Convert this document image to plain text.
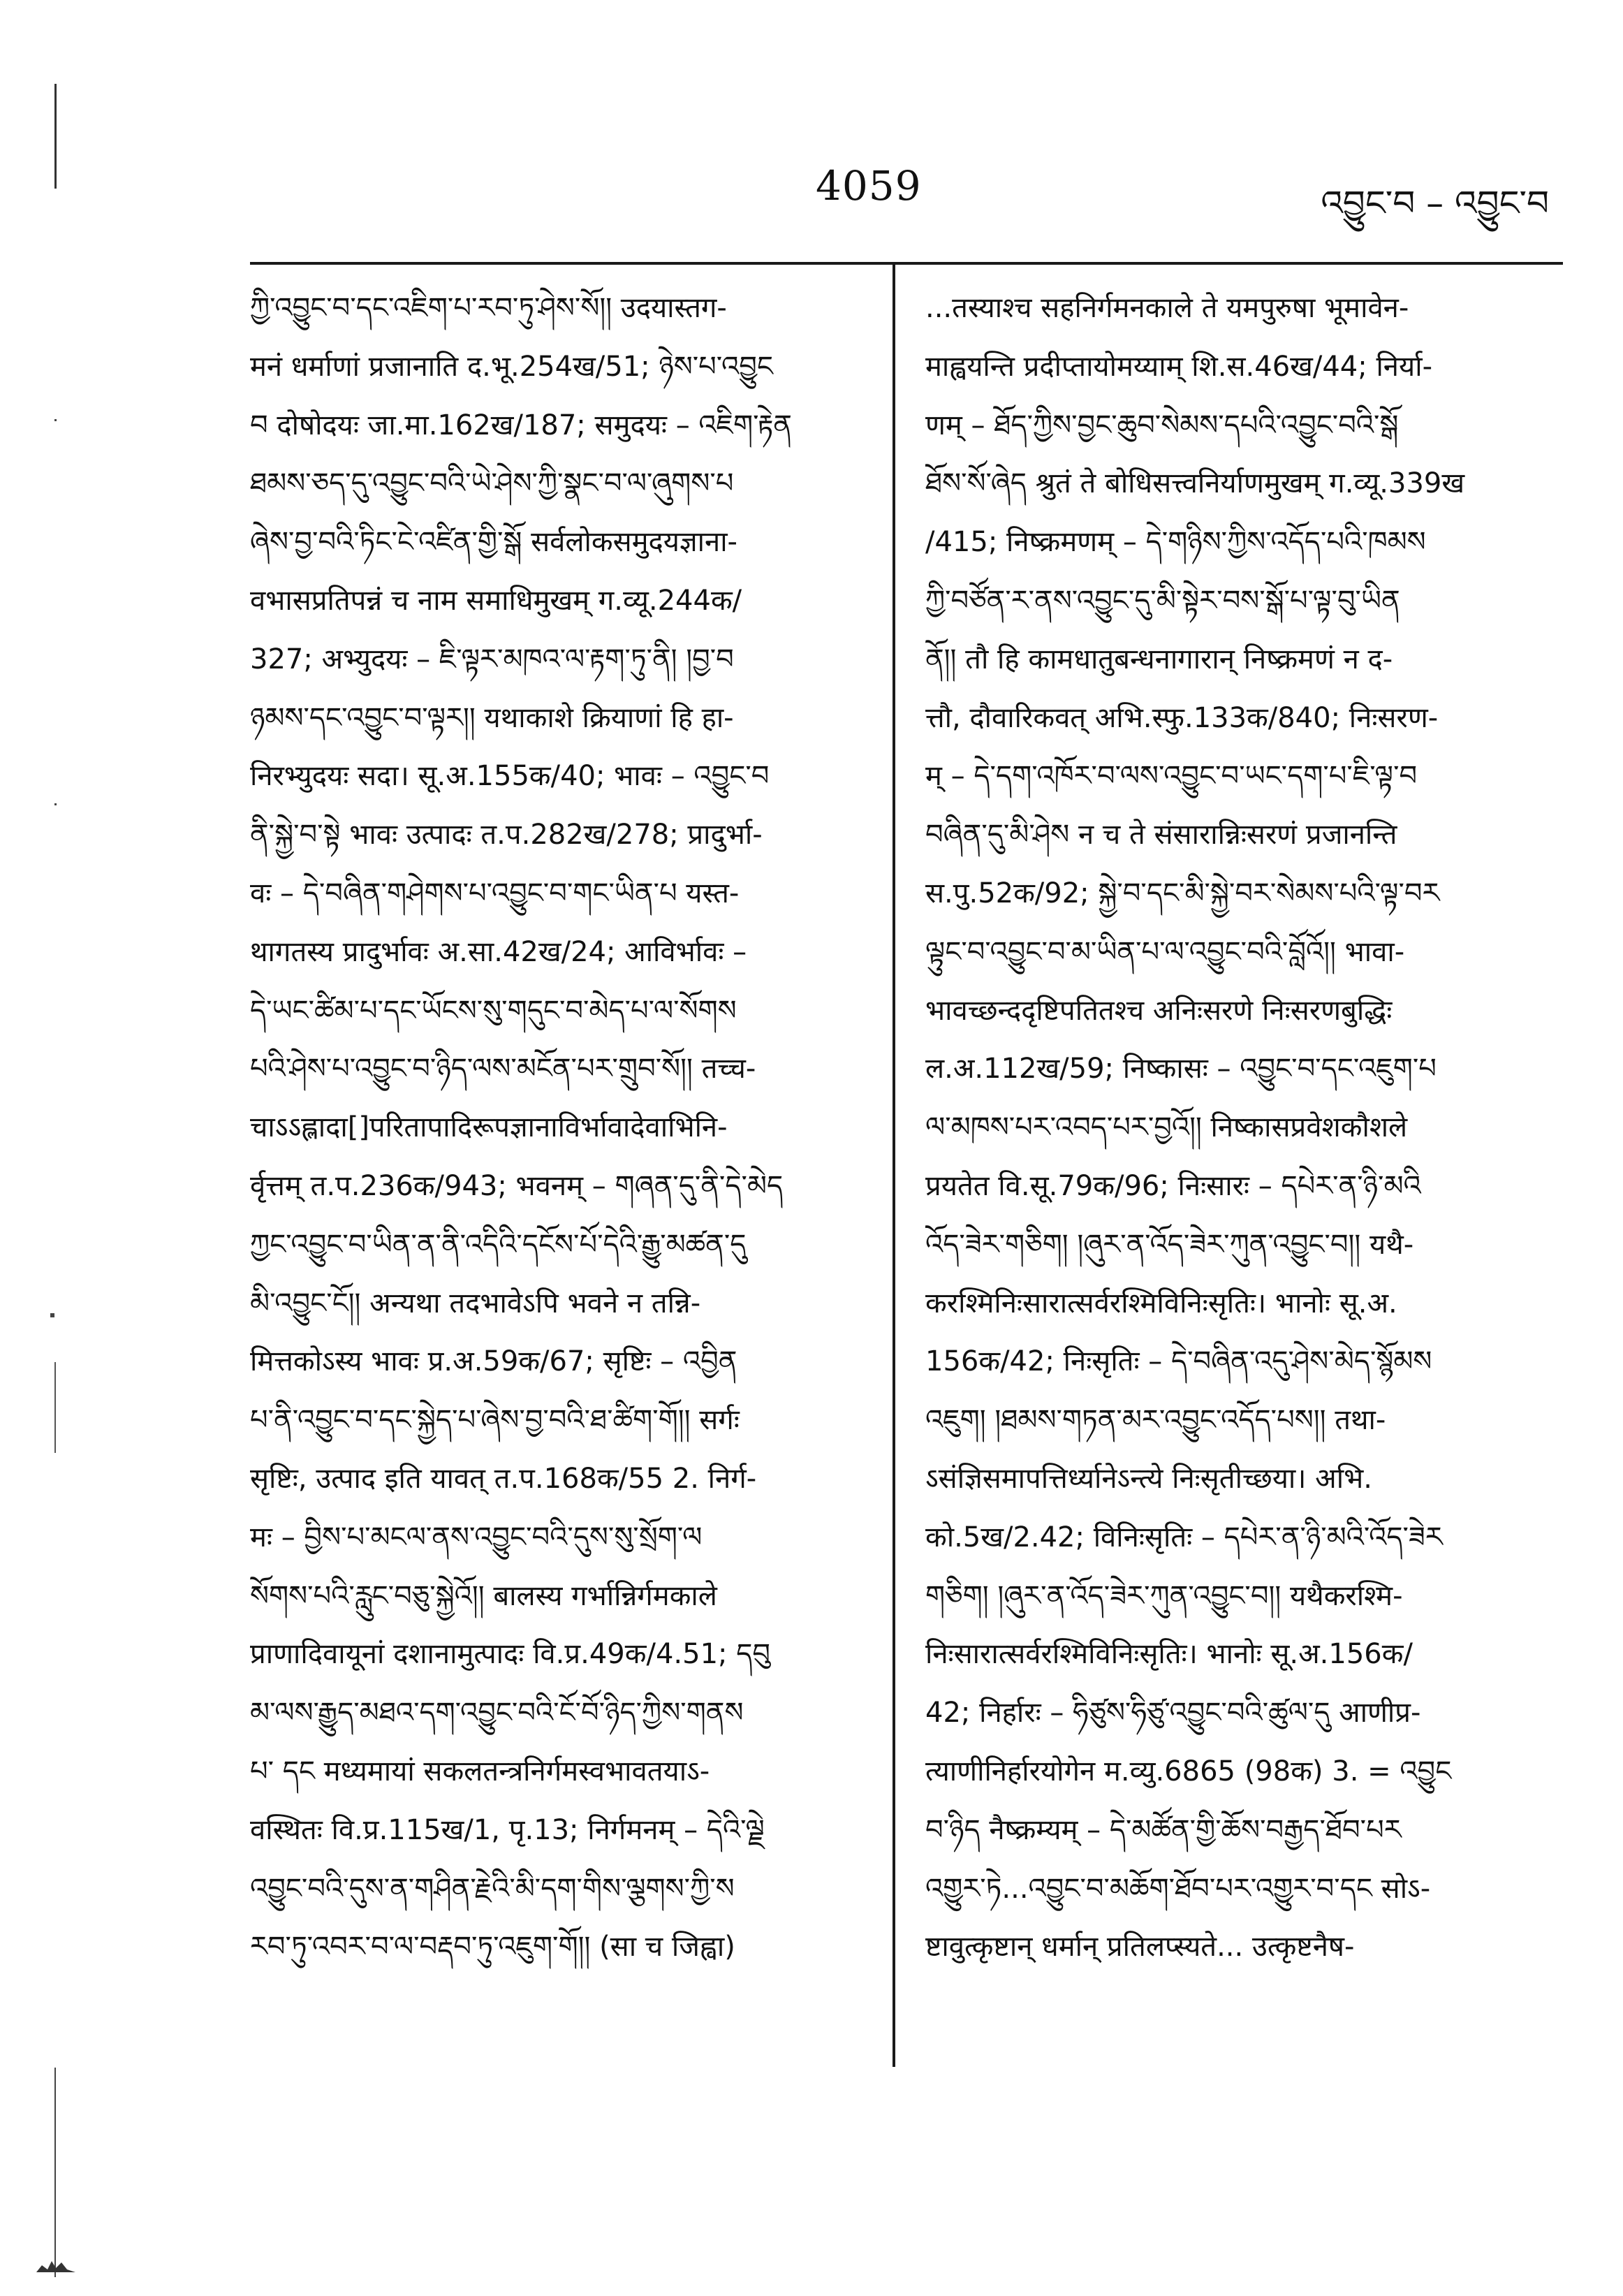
4059	འབྱུང་བ – འབྱུང་བ
ཀྱི་འབྱུང་བ་དང་འཇིག་པ་རབ་ཏུ་ཤེས་སོ།། उदयास्तग-
मनं धर्माणां प्रजानाति द.भू.254ख/51; ཉེས་པ་འབྱུང
བ दोषोदयः जा.मा.162ख/187; समुदयः – འཇིག་རྟེན
ཐམས་ཅད་དུ་འབྱུང་བའི་ཡེ་ཤེས་ཀྱི་སྣང་བ་ལ་ཞུགས་པ
ཞེས་བྱ་བའི་ཏིང་ངེ་འཛིན་གྱི་སྒོ सर्वलोकसमुदयज्ञाना-
वभासप्रतिपन्नं च नाम समाधिमुखम् ग.व्यू.244क/
327; अभ्युदयः – ཇི་ལྟར་མཁའ་ལ་རྟག་ཏུ་ནི། །བྱ་བ
ཉམས་དང་འབྱུང་བ་ལྟར།། यथाकाशे क्रियाणां हि हा-
निरभ्युदयः सदा। सू.अ.155क/40; भावः – འབྱུང་བ
ནི་སྐྱེ་བ་སྟེ भावः उत्पादः त.प.282ख/278; प्रादुर्भा-
वः – དེ་བཞིན་གཤེགས་པ་འབྱུང་བ་གང་ཡིན་པ यस्त-
थागतस्य प्रादुर्भावः अ.सा.42ख/24; आविर्भावः –
དེ་ཡང་ཚིམ་པ་དང་ཡོངས་སུ་གདུང་བ་མེད་པ་ལ་སོགས
པའི་ཤེས་པ་འབྱུང་བ་ཉིད་ལས་མངོན་པར་གྲུབ་སོ།། तच्च-
चाऽऽह्लादा[]परितापादिरूपज्ञानाविर्भावादेवाभिनि-
र्वृत्तम् त.प.236क/943; भवनम् – གཞན་དུ་ནི་དེ་མེད
ཀྱང་འབྱུང་བ་ཡིན་ན་ནི་འདིའི་དངོས་པོ་དེའི་རྒྱུ་མཚན་དུ
མི་འབྱུང་ངོ།། अन्यथा तदभावेऽपि भवने न तन्नि-
मित्तकोऽस्य भावः प्र.अ.59क/67; सृष्टिः – འབྱིན
པ་ནི་འབྱུང་བ་དང་སྐྱེད་པ་ཞེས་བྱ་བའི་ཐ་ཚིག་གོ།། सर्गः
सृष्टिः, उत्पाद इति यावत् त.प.168क/55 2. निर्ग-
मः – བྱིས་པ་མངལ་ནས་འབྱུང་བའི་དུས་སུ་སྲོག་ལ
སོགས་པའི་རླུང་བཅུ་སྐྱེའོ།། बालस्य गर्भान्निर्गमकाले
प्राणादिवायूनां दशानामुत्पादः वि.प्र.49क/4.51; དབུ
མ་ལས་རྒྱུད་མཐའ་དག་འབྱུང་བའི་ངོ་བོ་ཉིད་ཀྱིས་གནས
པ་ དང मध्यमायां सकलतन्त्रनिर्गमस्वभावतयाऽ-
वस्थितः वि.प्र.115ख/1, पृ.13; निर्गमनम् – དེའི་ལྗེ
འབྱུང་བའི་དུས་ན་གཤིན་རྗེའི་མི་དག་གིས་ལྕགས་ཀྱི་ས
རབ་ཏུ་འབར་བ་ལ་བརྡབ་ཏུ་འཇུག་གོ།། (सा च जिह्वा)
...तस्याश्च सहनिर्गमनकाले ते यमपुरुषा भूमावेन-
माह्वयन्ति प्रदीप्तायोमय्याम् शि.स.46ख/44; निर्या-
णम् – ཐོད་ཀྱིས་བྱང་ཆུབ་སེམས་དཔའི་འབྱུང་བའི་སྒོ
ཐོས་སོ་ཞེད श्रुतं ते बोधिसत्त्वनिर्याणमुखम् ग.व्यू.339ख
/415; निष्क्रमणम् – དེ་གཉིས་ཀྱིས་འདོད་པའི་ཁམས
ཀྱི་བཙོན་ར་ནས་འབྱུང་དུ་མི་སྟེར་བས་སྒོ་པ་ལྟ་བུ་ཡིན
ནོ།། तौ हि कामधातुबन्धनागारान् निष्क्रमणं न द-
त्तौ, दौवारिकवत् अभि.स्फु.133क/840; निःसरण-
म् – དེ་དག་འཁོར་བ་ལས་འབྱུང་བ་ཡང་དག་པ་ཇི་ལྟ་བ
བཞིན་དུ་མི་ཤེས न च ते संसारान्निःसरणं प्रजानन्ति
स.पु.52क/92; སྐྱེ་བ་དང་མི་སྐྱེ་བར་སེམས་པའི་ལྟ་བར
ལྟུང་བ་འབྱུང་བ་མ་ཡིན་པ་ལ་འབྱུང་བའི་བློའོ།། भावा-
भावच्छन्ददृष्टिपतितश्च अनिःसरणे निःसरणबुद्धिः
ल.अ.112ख/59; निष्कासः – འབྱུང་བ་དང་འཇུག་པ
ལ་མཁས་པར་འབད་པར་བྱའོ།། निष्कासप्रवेशकौशले
प्रयतेत वि.सू.79क/96; निःसारः – དཔེར་ན་ཉི་མའི
འོད་ཟེར་གཅིག། །ཞུར་ན་འོད་ཟེར་ཀུན་འབྱུང་བ།། यथै-
करश्मिनिःसारात्सर्वरश्मिविनिःसृतिः। भानोः सू.अ.
156क/42; निःसृतिः – དེ་བཞིན་འདུ་ཤེས་མེད་སྙོམས
འཇུག། །ཐམས་གཏན་མར་འབྱུང་འདོད་པས།། तथा-
ऽसंज्ञिसमापत्तिर्ध्यानेऽन्त्ये निःसृतीच्छया। अभि.
को.5ख/2.42; विनिःसृतिः – དཔེར་ན་ཉི་མའི་འོད་ཟེར
གཅིག། །ཞུར་ན་འོད་ཟེར་ཀུན་འབྱུང་བ།། यथैकरश्मि-
निःसारात्सर्वरश्मिविनिःसृतिः। भानोः सू.अ.156क/
42; निर्हारः – ཧིཙུས་ཧིཙུ་འབྱུང་བའི་ཚུལ་དུ आणीप्र-
त्याणीनिर्हारयोगेन म.व्यु.6865 (98क) 3. = འབྱུང
བ་ཉིད नैष्क्रम्यम् – དེ་མཚོན་གྱི་ཆོས་བརྒྱད་ཐོབ་པར
འགྱུར་ཏེ...འབྱུང་བ་མཆོག་ཐོབ་པར་འགྱུར་བ་དང सोऽ-
ष्टावुत्कृष्टान् धर्मान् प्रतिलप्स्यते... उत्कृष्टनैष-
